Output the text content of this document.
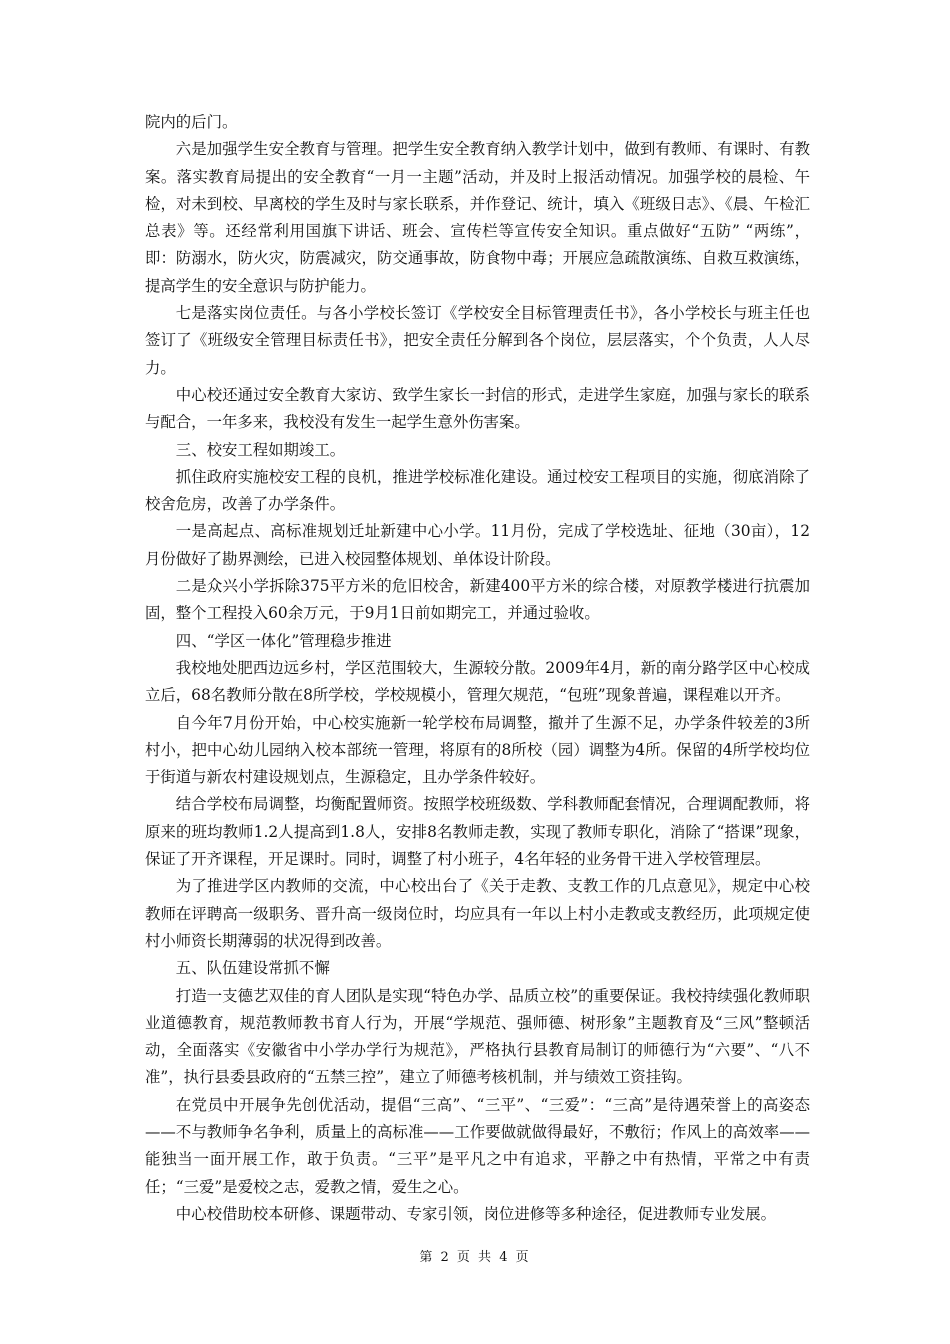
院内的后门。

六是加强学生安全教育与管理。把学生安全教育纳入教学计划中，做到有教师、有课时、有教案。落实教育局提出的安全教育“一月一主题”活动，并及时上报活动情况。加强学校的晨检、午检，对未到校、早离校的学生及时与家长联系，并作登记、统计，填入《班级日志》、《晨、午检汇总表》等。还经常利用国旗下讲话、班会、宣传栏等宣传安全知识。重点做好“五防” “两练”，即：防溺水，防火灾，防震减灾，防交通事故，防食物中毒；开展应急疏散演练、自救互救演练，提高学生的安全意识与防护能力。

七是落实岗位责任。与各小学校长签订《学校安全目标管理责任书》，各小学校长与班主任也签订了《班级安全管理目标责任书》，把安全责任分解到各个岗位，层层落实，个个负责，人人尽力。

中心校还通过安全教育大家访、致学生家长一封信的形式，走进学生家庭，加强与家长的联系与配合，一年多来，我校没有发生一起学生意外伤害案。

三、校安工程如期竣工。

抓住政府实施校安工程的良机，推进学校标准化建设。通过校安工程项目的实施，彻底消除了校舍危房，改善了办学条件。

一是高起点、高标准规划迁址新建中心小学。11月份，完成了学校选址、征地（30亩），12月份做好了勘界测绘，已进入校园整体规划、单体设计阶段。

二是众兴小学拆除375平方米的危旧校舍，新建400平方米的综合楼，对原教学楼进行抗震加固，整个工程投入60余万元，于9月1日前如期完工，并通过验收。

四、“学区一体化”管理稳步推进

我校地处肥西边远乡村，学区范围较大，生源较分散。2009年4月，新的南分路学区中心校成立后，68名教师分散在8所学校，学校规模小，管理欠规范，“包班”现象普遍，课程难以开齐。

自今年7月份开始，中心校实施新一轮学校布局调整，撤并了生源不足，办学条件较差的3所村小，把中心幼儿园纳入校本部统一管理，将原有的8所校（园）调整为4所。保留的4所学校均位于街道与新农村建设规划点，生源稳定，且办学条件较好。

结合学校布局调整，均衡配置师资。按照学校班级数、学科教师配套情况，合理调配教师，将原来的班均教师1.2人提高到1.8人，安排8名教师走教，实现了教师专职化，消除了“搭课”现象，保证了开齐课程，开足课时。同时，调整了村小班子，4名年轻的业务骨干进入学校管理层。

为了推进学区内教师的交流，中心校出台了《关于走教、支教工作的几点意见》，规定中心校教师在评聘高一级职务、晋升高一级岗位时，均应具有一年以上村小走教或支教经历，此项规定使村小师资长期薄弱的状况得到改善。

五、队伍建设常抓不懈

打造一支德艺双佳的育人团队是实现“特色办学、品质立校”的重要保证。我校持续强化教师职业道德教育，规范教师教书育人行为，开展“学规范、强师德、树形象”主题教育及“三风”整顿活动，全面落实《安徽省中小学办学行为规范》，严格执行县教育局制订的师德行为“六要”、“八不准”，执行县委县政府的“五禁三控”，建立了师德考核机制，并与绩效工资挂钩。

在党员中开展争先创优活动，提倡“三高”、“三平”、“三爱”：“三高”是待遇荣誉上的高姿态——不与教师争名争利，质量上的高标准——工作要做就做得最好，不敷衍；作风上的高效率——能独当一面开展工作，敢于负责。“三平”是平凡之中有追求，平静之中有热情，平常之中有责任；“三爱”是爱校之志，爱教之情，爱生之心。

中心校借助校本研修、课题带动、专家引领，岗位进修等多种途径，促进教师专业发展。

第 2 页 共 4 页
